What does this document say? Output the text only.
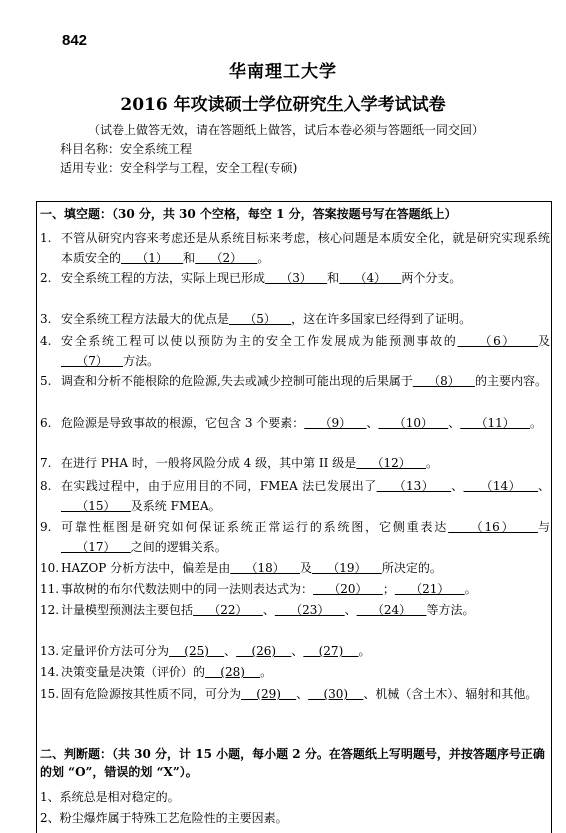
842
华南理工大学
2016 年攻读硕士学位研究生入学考试试卷
（试卷上做答无效，请在答题纸上做答，试后本卷必须与答题纸一同交回）
科目名称：安全系统工程
适用专业：安全科学与工程，安全工程(专硕)
一、填空题：（30 分，共 30 个空格，每空 1 分，答案按题号写在答题纸上）
1. 不管从研究内容来考虑还是从系统目标来考虑，核心问题是本质安全化，就是研究实现系统本质安全的    （1）    和    （2）    。
2. 安全系统工程的方法，实际上现已形成    （3）    和    （4）    两个分支。
3. 安全系统工程方法最大的优点是    （5）    ，这在许多国家已经得到了证明。
4. 安全系统工程可以使以预防为主的安全工作发展成为能预测事故的    （6）    及    （7）    方法。
5. 调查和分析不能根除的危险源,失去或减少控制可能出现的后果属于    （8）    的主要内容。
6. 危险源是导致事故的根源，它包含 3 个要素：    （9）    、    （10）    、    （11）    。
7. 在进行 PHA 时，一般将风险分成 4 级，其中第 II 级是    （12）    。
8. 在实践过程中，由于应用目的不同，FMEA 法已发展出了    （13）    、    （14）    、    （15）    及系统 FMEA。
9. 可靠性框图是研究如何保证系统正常运行的系统图，它侧重表达    （16）    与    （17）    之间的逻辑关系。
10. HAZOP 分析方法中，偏差是由    （18）    及    （19）    所决定的。
11. 事故树的布尔代数法则中的同一法则表达式为：    （20）    ；    （21）    。
12. 计量模型预测法主要包括    （22）    、    （23）    、    （24）    等方法。
13. 定量评价方法可分为    (25)    、    (26)    、    (27)    。
14. 决策变量是决策（评价）的    (28)    。
15. 固有危险源按其性质不同，可分为    (29)    、    (30)    、机械（含土木）、辐射和其他。
二、判断题：（共 30 分，计 15 小题，每小题 2 分。在答题纸上写明题号，并按答题序号正确的划 “O”，错误的划 “X”）。
1、系统总是相对稳定的。
2、粉尘爆炸属于特殊工艺危险性的主要因素。
